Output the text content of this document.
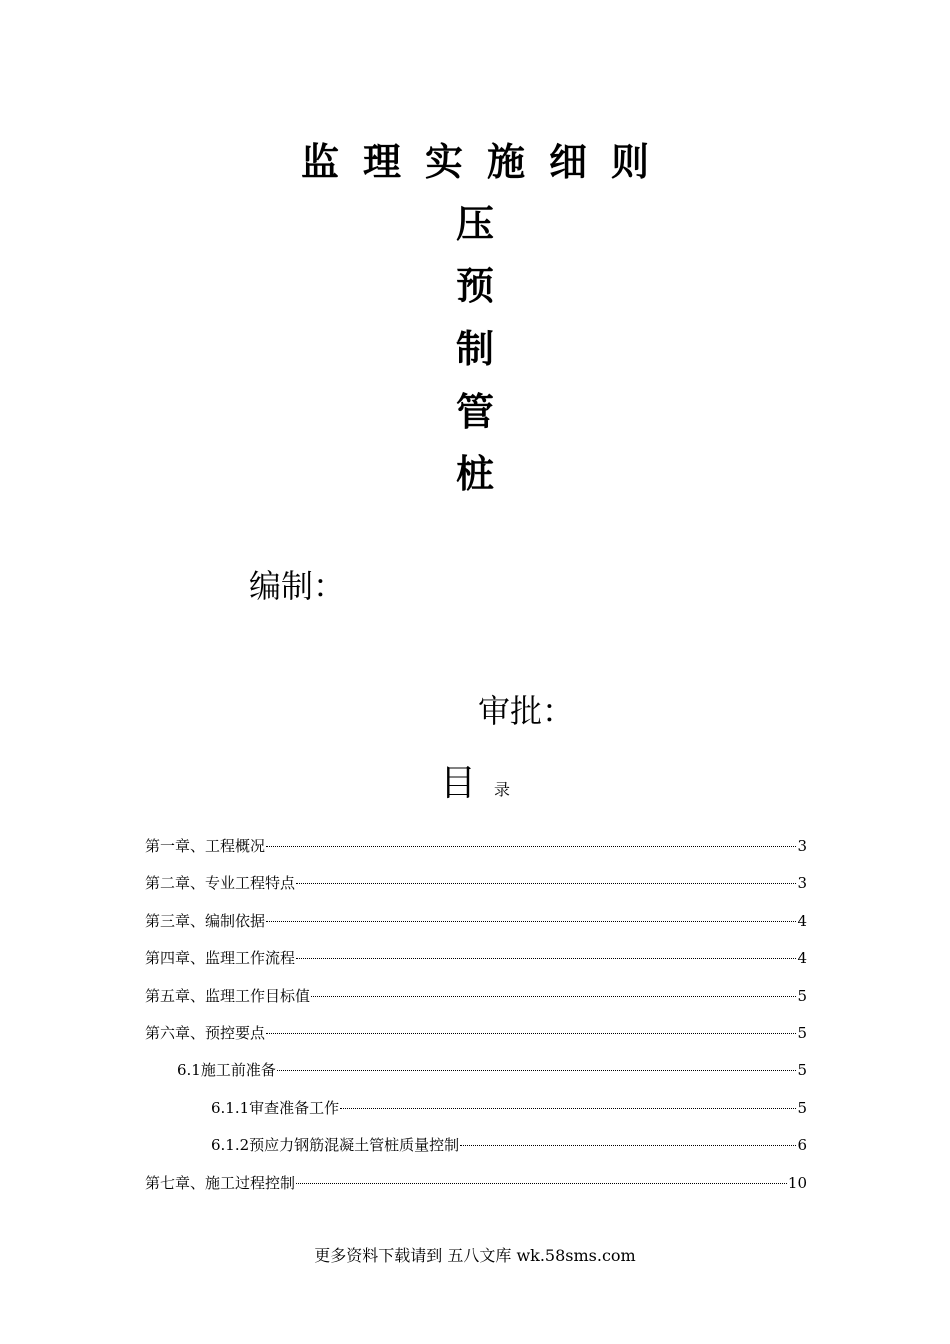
监理实施细则
压
预
制
管
桩
编制：
审批：
目 录
第一章、工程概况	3
第二章、专业工程特点	3
第三章、编制依据	4
第四章、监理工作流程	4
第五章、监理工作目标值	5
第六章、预控要点	5
6.1施工前准备	5
6.1.1审查准备工作	5
6.1.2预应力钢筋混凝土管桩质量控制	6
第七章、施工过程控制	10
更多资料下载请到 五八文库 wk.58sms.com
